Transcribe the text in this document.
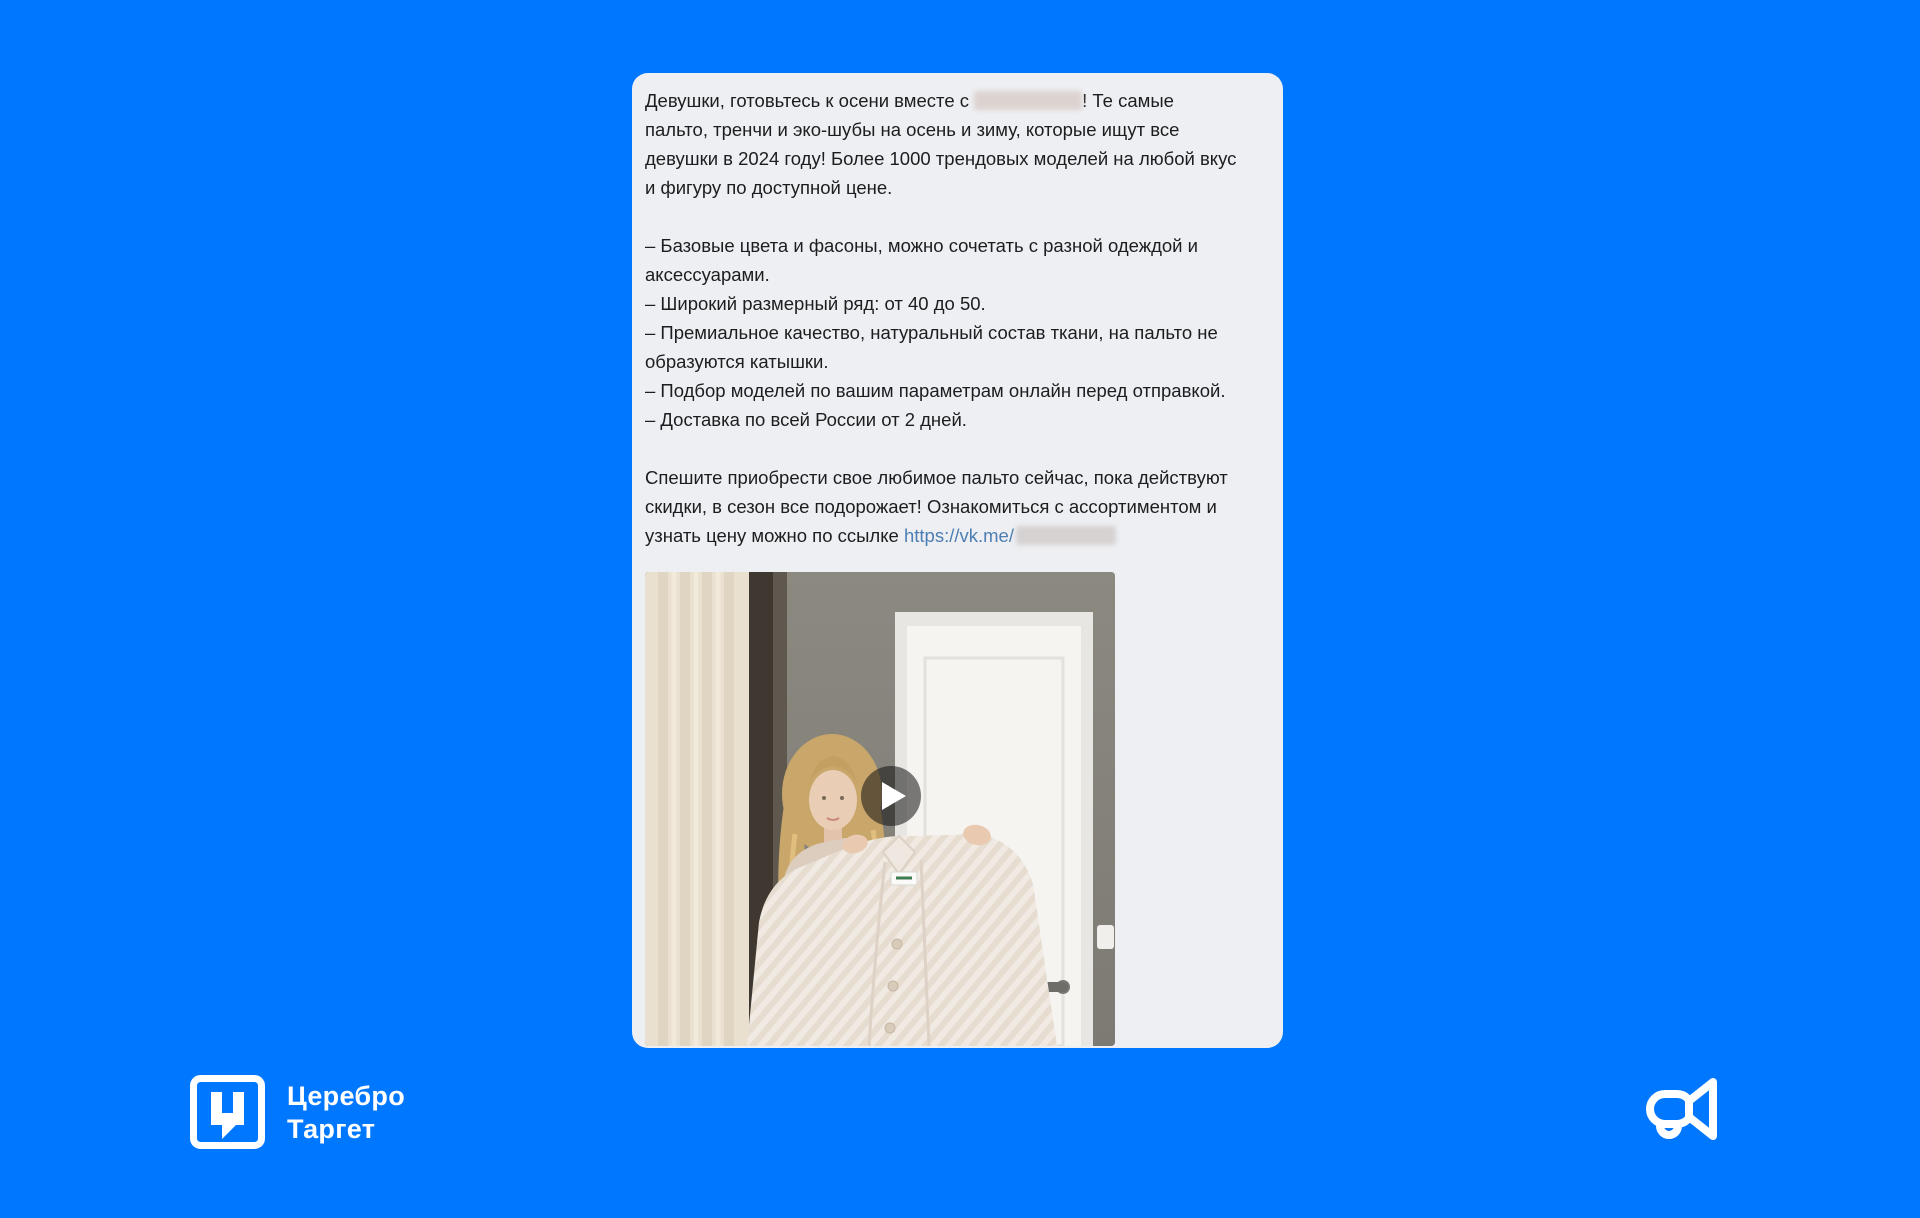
Девушки, готовьтесь к осени вместе с	! Те самые
пальто, тренчи и эко-шубы на осень и зиму, которые ищут все
девушки в 2024 году! Более 1000 трендовых моделей на любой вкус
и фигуру по доступной цене.

– Базовые цвета и фасоны, можно сочетать с разной одеждой и
аксессуарами.
– Широкий размерный ряд: от 40 до 50.
– Премиальное качество, натуральный состав ткани, на пальто не
образуются катышки.
– Подбор моделей по вашим параметрам онлайн перед отправкой.
– Доставка по всей России от 2 дней.

Спешите приобрести свое любимое пальто сейчас, пока действуют
скидки, в сезон все подорожает! Ознакомиться с ассортиментом и
узнать цену можно по ссылке https://vk.me/

Церебро
Таргет
